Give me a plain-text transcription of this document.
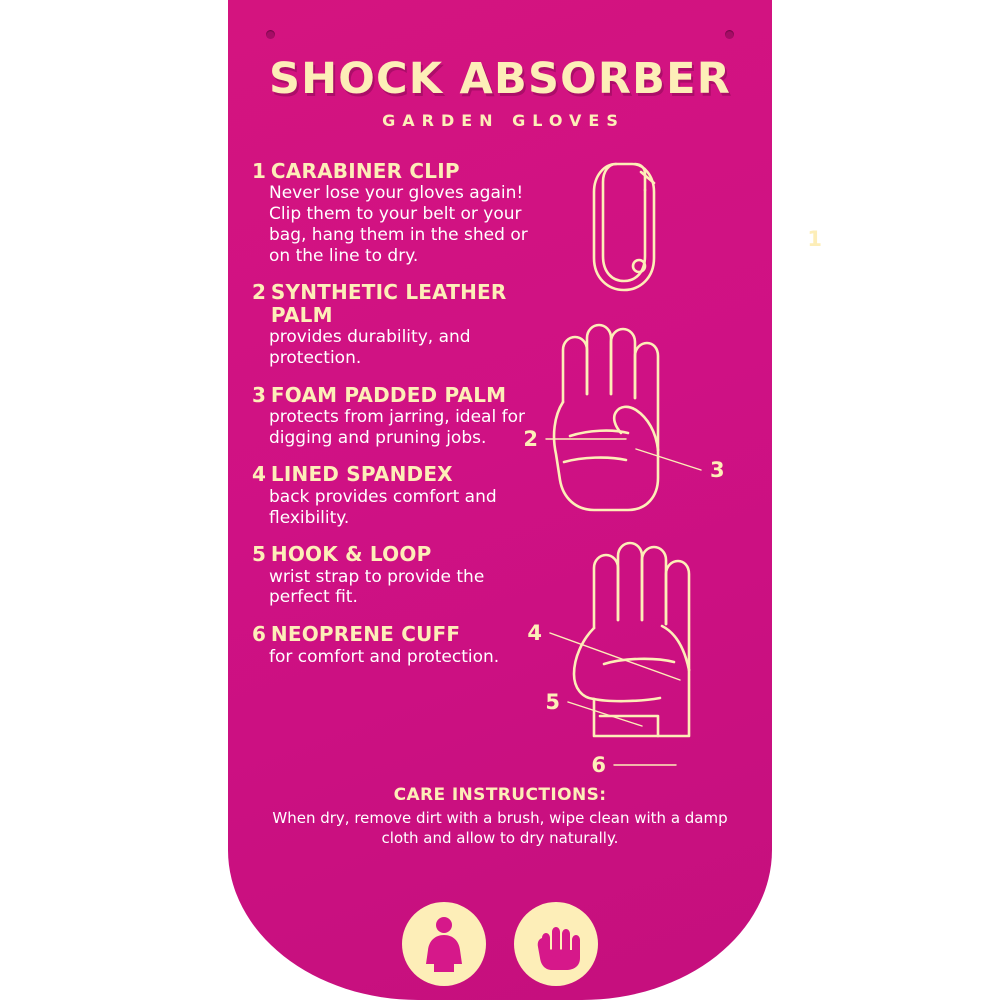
SHOCK ABSORBER
GARDEN GLOVES
1 CARABINER CLIP
Never lose your gloves again! Clip them to your belt or your bag, hang them in the shed or on the line to dry.
2 SYNTHETIC LEATHER PALM
provides durability, and protection.
3 FOAM PADDED PALM
protects from jarring, ideal for digging and pruning jobs.
4 LINED SPANDEX
back provides comfort and flexibility.
5 HOOK & LOOP
wrist strap to provide the perfect fit.
6 NEOPRENE CUFF
for comfort and protection.
1
2
3
4
5
6
CARE INSTRUCTIONS:
When dry, remove dirt with a brush, wipe clean with a damp cloth and allow to dry naturally.
M
